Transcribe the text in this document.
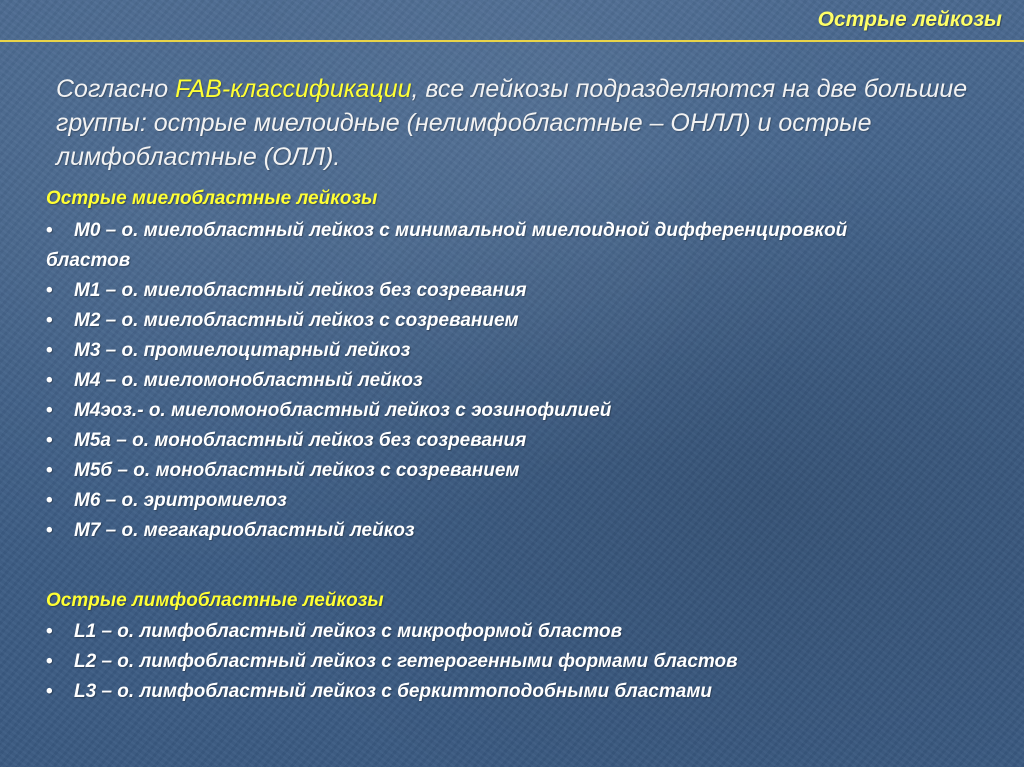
Острые лейкозы
Согласно FAB-классификации, все лейкозы подразделяются на две большие группы: острые миелоидные (нелимфобластные – ОНЛЛ) и острые лимфобластные (ОЛЛ).
Острые миелобластные лейкозы
• М0 – о. миелобластный лейкоз с минимальной миелоидной дифференцировкой бластов
• М1 – о. миелобластный лейкоз без созревания
• М2 – о. миелобластный лейкоз с созреванием
• М3 – о. промиелоцитарный лейкоз
• М4 – о. миеломонобластный лейкоз
• М4эоз.- о. миеломонобластный лейкоз с эозинофилией
• М5а – о. монобластный лейкоз без созревания
• М5б – о. монобластный лейкоз с созреванием
• М6 – о. эритромиелоз
• М7 – о. мегакариобластный лейкоз
Острые лимфобластные лейкозы
• L1 – о. лимфобластный лейкоз с микроформой бластов
• L2 – о. лимфобластный лейкоз с гетерогенными формами бластов
• L3 – о. лимфобластный лейкоз с беркиттоподобными бластами
